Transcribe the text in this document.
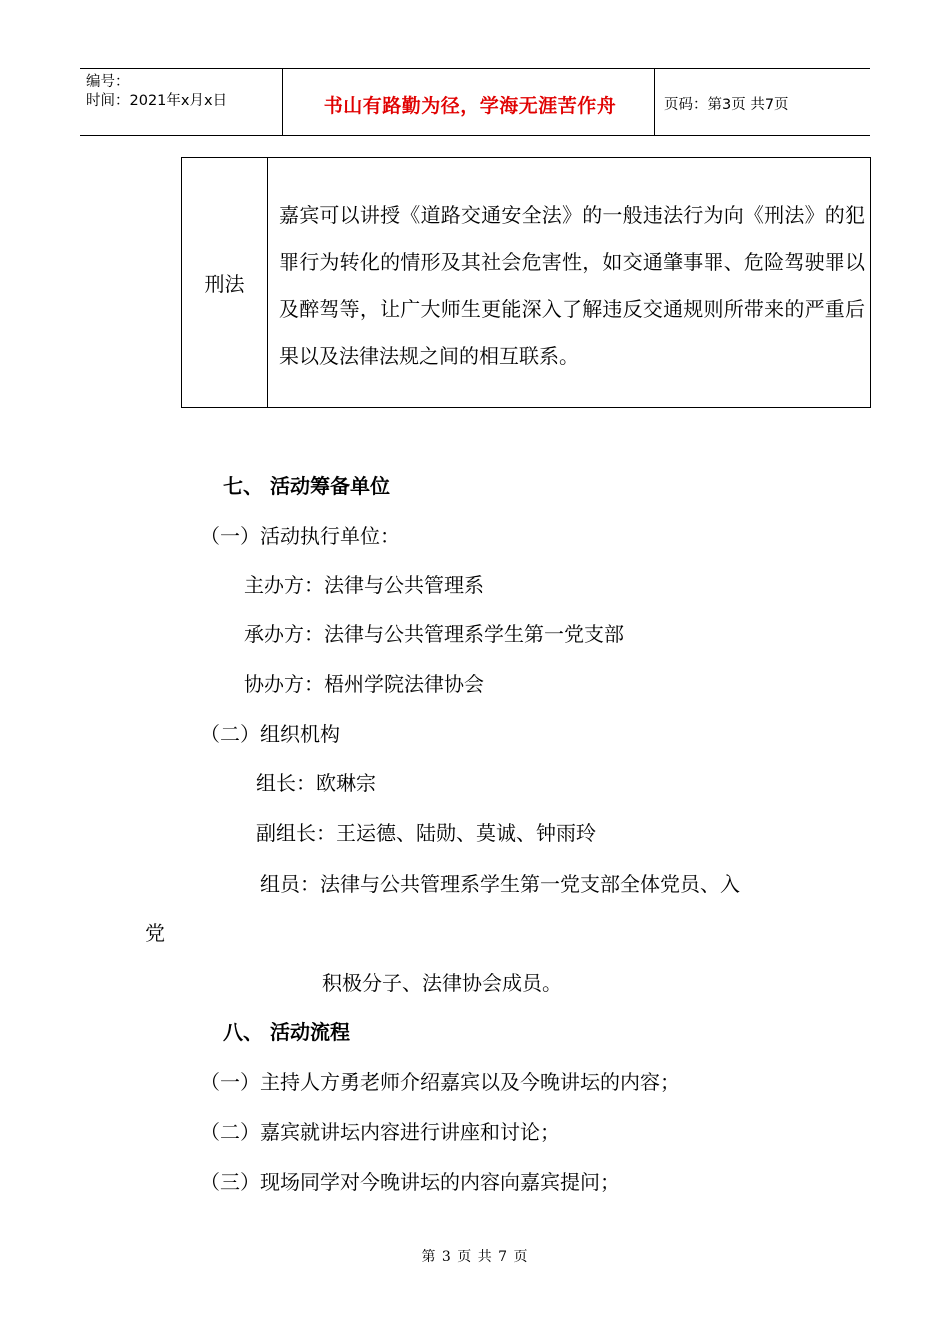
编号：
时间：2021年x月x日	书山有路勤为径，学海无涯苦作舟	页码：第3页 共7页
刑法
嘉宾可以讲授《道路交通安全法》的一般违法行为向《刑法》的犯罪行为转化的情形及其社会危害性，如交通肇事罪、危险驾驶罪以及醉驾等，让广大师生更能深入了解违反交通规则所带来的严重后果以及法律法规之间的相互联系。
七、 活动筹备单位
（一）活动执行单位：
主办方：法律与公共管理系
承办方：法律与公共管理系学生第一党支部
协办方：梧州学院法律协会
（二）组织机构
组长：欧琳宗
副组长：王运德、陆勋、莫诚、钟雨玲
组员：法律与公共管理系学生第一党支部全体党员、入
党
积极分子、法律协会成员。
八、 活动流程
（一）主持人方勇老师介绍嘉宾以及今晚讲坛的内容；
（二）嘉宾就讲坛内容进行讲座和讨论；
（三）现场同学对今晚讲坛的内容向嘉宾提问；
第 3 页 共 7 页
